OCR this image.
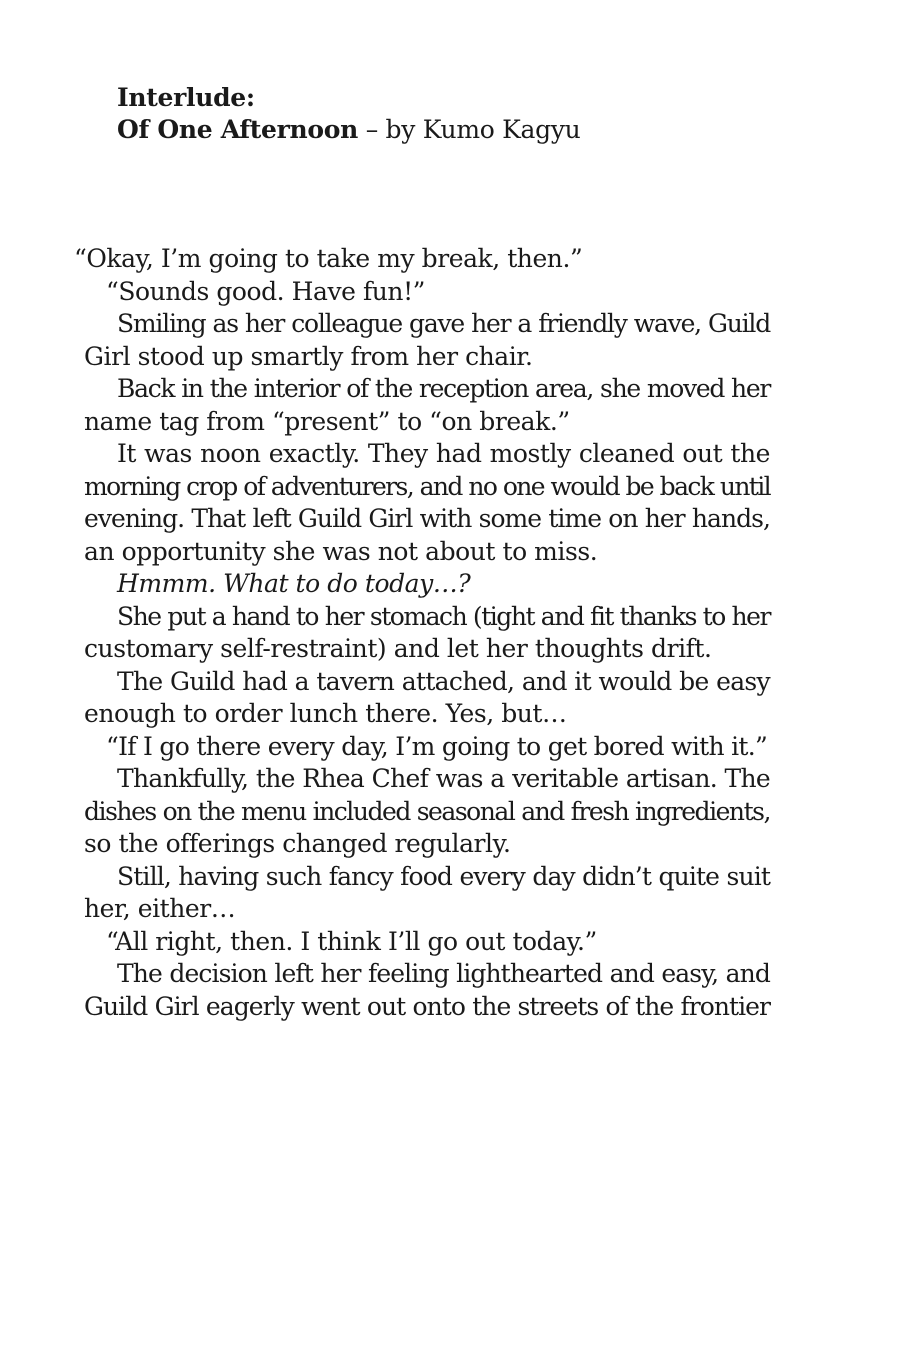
Interlude:
Of One Afternoon – by Kumo Kagyu
“Okay, I’m going to take my break, then.”
“Sounds good. Have fun!”
Smiling as her colleague gave her a friendly wave, Guild
Girl stood up smartly from her chair.
Back in the interior of the reception area, she moved her
name tag from “present” to “on break.”
It was noon exactly. They had mostly cleaned out the
morning crop of adventurers, and no one would be back until
evening. That left Guild Girl with some time on her hands,
an opportunity she was not about to miss.
Hmmm. What to do today…?
She put a hand to her stomach (tight and fit thanks to her
customary self-restraint) and let her thoughts drift.
The Guild had a tavern attached, and it would be easy
enough to order lunch there. Yes, but…
“If I go there every day, I’m going to get bored with it.”
Thankfully, the Rhea Chef was a veritable artisan. The
dishes on the menu included seasonal and fresh ingredients,
so the offerings changed regularly.
Still, having such fancy food every day didn’t quite suit
her, either…
“All right, then. I think I’ll go out today.”
The decision left her feeling lighthearted and easy, and
Guild Girl eagerly went out onto the streets of the frontier
